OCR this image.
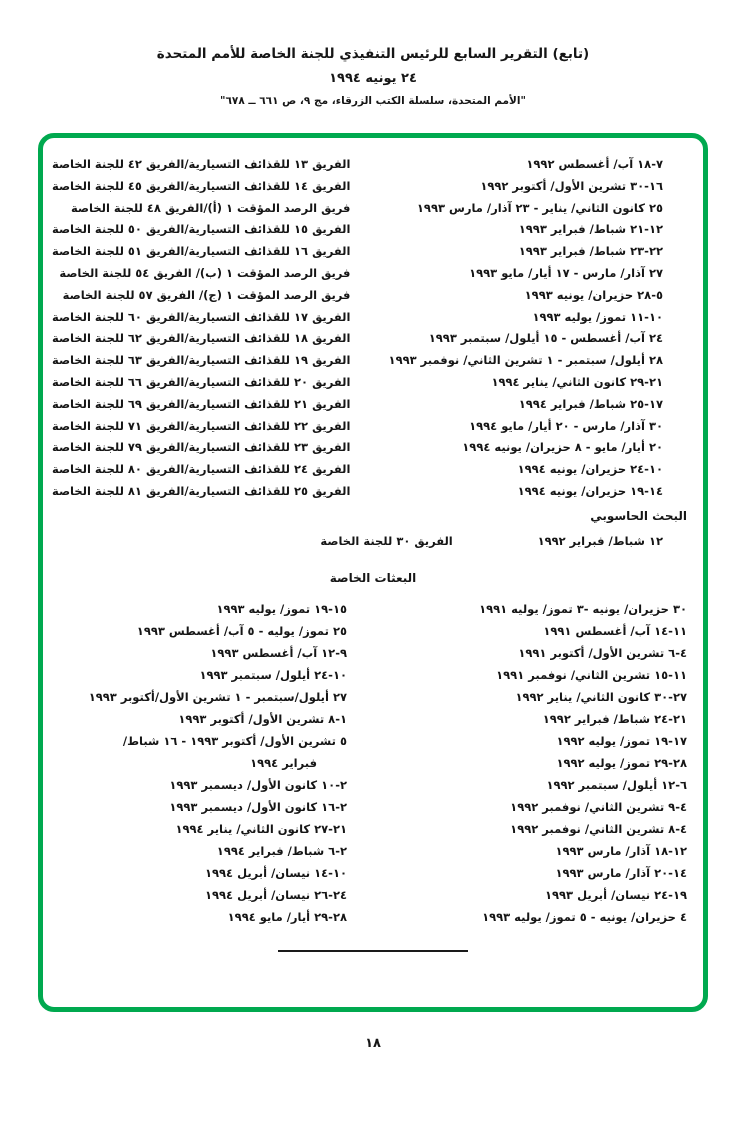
(تابع) التقرير السابع للرئيس التنفيذي للجنة الخاصة للأمم المتحدة
٢٤ يونيه ١٩٩٤
"الأمم المتحدة، سلسلة الكتب الزرقاء، مج ٩، ص ٦٦١ ــ ٦٧٨"
٧-١٨ آب/ أغسطس ١٩٩٢
الفريق ١٣ للقذائف التسيارية/الفريق ٤٢ للجنة الخاصة
١٦-٣٠ تشرين الأول/ أكتوبر ١٩٩٢
الفريق ١٤ للقذائف التسيارية/الفريق ٤٥ للجنة الخاصة
٢٥ كانون الثاني/ يناير - ٢٣ آذار/ مارس ١٩٩٣
فريق الرصد المؤقت ١ (أ)/الفريق ٤٨ للجنة الخاصة
١٢-٢١ شباط/ فبراير ١٩٩٣
الفريق ١٥ للقذائف التسيارية/الفريق ٥٠ للجنة الخاصة
٢٢-٢٣ شباط/ فبراير ١٩٩٣
الفريق ١٦ للقذائف التسيارية/الفريق ٥١ للجنة الخاصة
٢٧ آذار/ مارس - ١٧ أيار/ مايو ١٩٩٣
فريق الرصد المؤقت ١ (ب)/ الفريق ٥٤ للجنة الخاصة
٥-٢٨ حزيران/ يونيه ١٩٩٣
فريق الرصد المؤقت ١ (ج)/ الفريق ٥٧ للجنة الخاصة
١٠-١١ تموز/ يوليه ١٩٩٣
الفريق ١٧ للقذائف التسيارية/الفريق ٦٠ للجنة الخاصة
٢٤ آب/ أغسطس - ١٥ أيلول/ سبتمبر ١٩٩٣
الفريق ١٨ للقذائف التسيارية/الفريق ٦٢ للجنة الخاصة
٢٨ أيلول/ سبتمبر - ١ تشرين الثاني/ نوفمبر ١٩٩٣
الفريق ١٩ للقذائف التسيارية/الفريق ٦٣ للجنة الخاصة
٢١-٢٩ كانون الثاني/ يناير ١٩٩٤
الفريق ٢٠ للقذائف التسيارية/الفريق ٦٦ للجنة الخاصة
١٧-٢٥ شباط/ فبراير ١٩٩٤
الفريق ٢١ للقذائف التسيارية/الفريق ٦٩ للجنة الخاصة
٣٠ آذار/ مارس - ٢٠ أيار/ مايو ١٩٩٤
الفريق ٢٢ للقذائف التسيارية/الفريق ٧١ للجنة الخاصة
٢٠ أيار/ مايو - ٨ حزيران/ يونيه ١٩٩٤
الفريق ٢٣ للقذائف التسيارية/الفريق ٧٩ للجنة الخاصة
١٠-٢٤ حزيران/ يونيه ١٩٩٤
الفريق ٢٤ للقذائف التسيارية/الفريق ٨٠ للجنة الخاصة
١٤-١٩ حزيران/ يونيه ١٩٩٤
الفريق ٢٥ للقذائف التسيارية/الفريق ٨١ للجنة الخاصة
البحث الحاسوبي
١٢ شباط/ فبراير ١٩٩٢
الفريق ٣٠ للجنة الخاصة
البعثات الخاصة
٣٠ حزيران/ يونيه -٣ تموز/ يوليه ١٩٩١
١١-١٤ آب/ أغسطس ١٩٩١
٤-٦ تشرين الأول/ أكتوبر ١٩٩١
١١-١٥ تشرين الثاني/ نوفمبر ١٩٩١
٢٧-٣٠ كانون الثاني/ يناير ١٩٩٢
٢١-٢٤ شباط/ فبراير ١٩٩٢
١٧-١٩ تموز/ يوليه ١٩٩٢
٢٨-٢٩ تموز/ يوليه ١٩٩٢
٦-١٢ أيلول/ سبتمبر ١٩٩٢
٤-٩ تشرين الثاني/ نوفمبر ١٩٩٢
٤-٨ تشرين الثاني/ نوفمبر ١٩٩٢
١٢-١٨ آذار/ مارس ١٩٩٣
١٤-٢٠ آذار/ مارس ١٩٩٣
١٩-٢٤ نيسان/ أبريل ١٩٩٣
٤ حزيران/ يونيه - ٥ تموز/ يوليه ١٩٩٣
١٥-١٩ تموز/ يوليه ١٩٩٣
٢٥ تموز/ يوليه - ٥ آب/ أغسطس ١٩٩٣
٩-١٢ آب/ أغسطس ١٩٩٣
١٠-٢٤ أيلول/ سبتمبر ١٩٩٣
٢٧ أيلول/سبتمبر - ١ تشرين الأول/أكتوبر ١٩٩٣
١-٨ تشرين الأول/ أكتوبر ١٩٩٣
٥ تشرين الأول/ أكتوبر ١٩٩٣ - ١٦ شباط/
فبراير ١٩٩٤
٢-١٠ كانون الأول/ ديسمبر ١٩٩٣
٢-١٦ كانون الأول/ ديسمبر ١٩٩٣
٢١-٢٧ كانون الثاني/ يناير ١٩٩٤
٢-٦ شباط/ فبراير ١٩٩٤
١٠-١٤ نيسان/ أبريل ١٩٩٤
٢٤-٢٦ نيسان/ أبريل ١٩٩٤
٢٨-٢٩ أيار/ مايو ١٩٩٤
١٨
